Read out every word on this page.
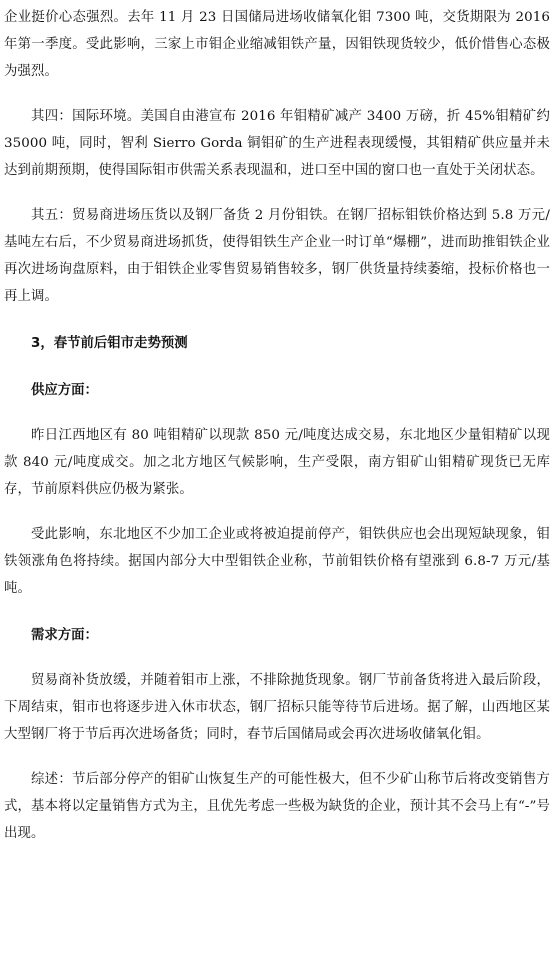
企业挺价心态强烈。去年 11 月 23 日国储局进场收储氧化钼 7300 吨，交货期限为 2016 年第一季度。受此影响，三家上市钼企业缩减钼铁产量，因钼铁现货较少，低价惜售心态极为强烈。

其四：国际环境。美国自由港宣布 2016 年钼精矿减产 3400 万磅，折 45%钼精矿约 35000 吨，同时，智利 Sierro Gorda 铜钼矿的生产进程表现缓慢，其钼精矿供应量并未达到前期预期，使得国际钼市供需关系表现温和，进口至中国的窗口也一直处于关闭状态。

其五：贸易商进场压货以及钢厂备货 2 月份钼铁。在钢厂招标钼铁价格达到 5.8 万元/基吨左右后，不少贸易商进场抓货，使得钼铁生产企业一时订单“爆棚”，进而助推钼铁企业再次进场询盘原料，由于钼铁企业零售贸易销售较多，钢厂供货量持续萎缩，投标价格也一再上调。

3，春节前后钼市走势预测

供应方面：

昨日江西地区有 80 吨钼精矿以现款 850 元/吨度达成交易，东北地区少量钼精矿以现款 840 元/吨度成交。加之北方地区气候影响，生产受限，南方钼矿山钼精矿现货已无库存，节前原料供应仍极为紧张。

受此影响，东北地区不少加工企业或将被迫提前停产，钼铁供应也会出现短缺现象，钼铁领涨角色将持续。据国内部分大中型钼铁企业称，节前钼铁价格有望涨到 6.8-7 万元/基吨。

需求方面：

贸易商补货放缓，并随着钼市上涨，不排除抛货现象。钢厂节前备货将进入最后阶段，下周结束，钼市也将逐步进入休市状态，钢厂招标只能等待节后进场。据了解，山西地区某大型钢厂将于节后再次进场备货；同时，春节后国储局或会再次进场收储氧化钼。

综述：节后部分停产的钼矿山恢复生产的可能性极大，但不少矿山称节后将改变销售方式，基本将以定量销售方式为主，且优先考虑一些极为缺货的企业，预计其不会马上有“-”号出现。
